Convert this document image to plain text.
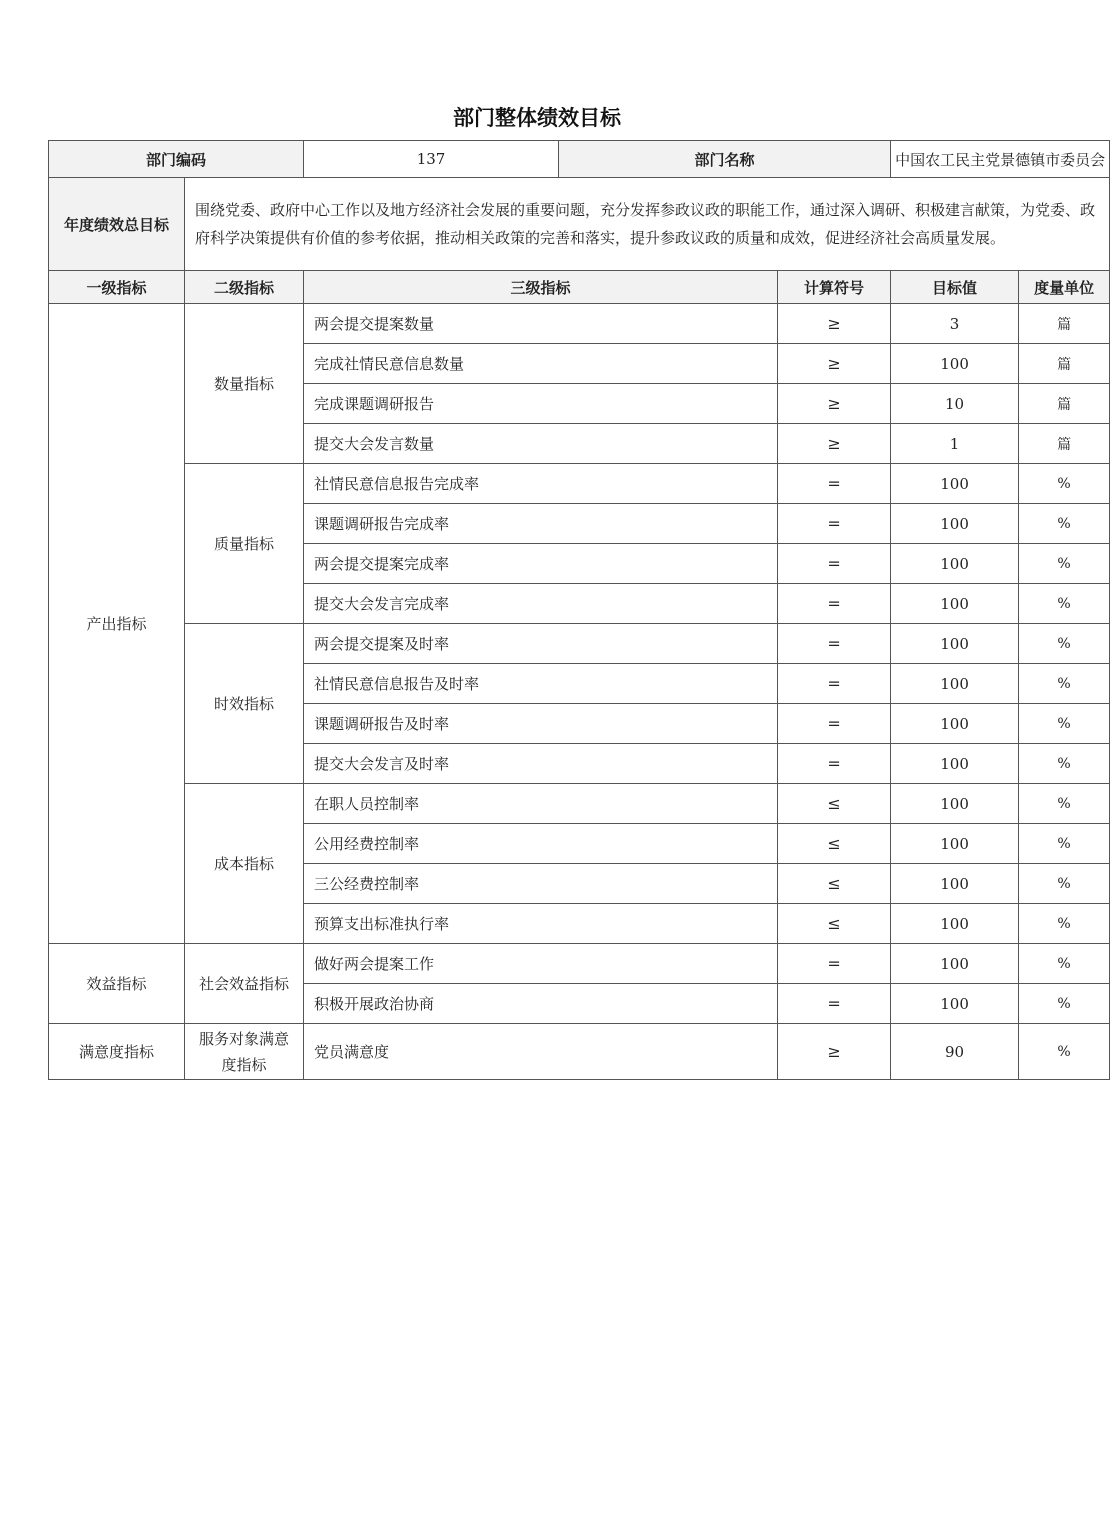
部门整体绩效目标
部门编码		137	部门名称		中国农工民主党景德镇市委员会	
年度绩效总目标	围绕党委、政府中心工作以及地方经济社会发展的重要问题，充分发挥参政议政的职能工作，通过深入调研、积极建言献策，为党委、政府科学决策提供有价值的参考依据，推动相关政策的完善和落实，提升参政议政的质量和成效，促进经济社会高质量发展。					
一级指标	二级指标	三级指标		计算符号	目标值	度量单位
产出指标	数量指标	两会提交提案数量		≥	3	篇
		完成社情民意信息数量		≥	100	篇
		完成课题调研报告		≥	10	篇
		提交大会发言数量		≥	1	篇
	质量指标	社情民意信息报告完成率		=	100	%
		课题调研报告完成率		=	100	%
		两会提交提案完成率		=	100	%
		提交大会发言完成率		=	100	%
	时效指标	两会提交提案及时率		=	100	%
		社情民意信息报告及时率		=	100	%
		课题调研报告及时率		=	100	%
		提交大会发言及时率		=	100	%
	成本指标	在职人员控制率		≤	100	%
		公用经费控制率		≤	100	%
		三公经费控制率		≤	100	%
		预算支出标准执行率		≤	100	%
效益指标	社会效益指标	做好两会提案工作		=	100	%
		积极开展政治协商		=	100	%
满意度指标	服务对象满意度指标	党员满意度		≥	90	%
